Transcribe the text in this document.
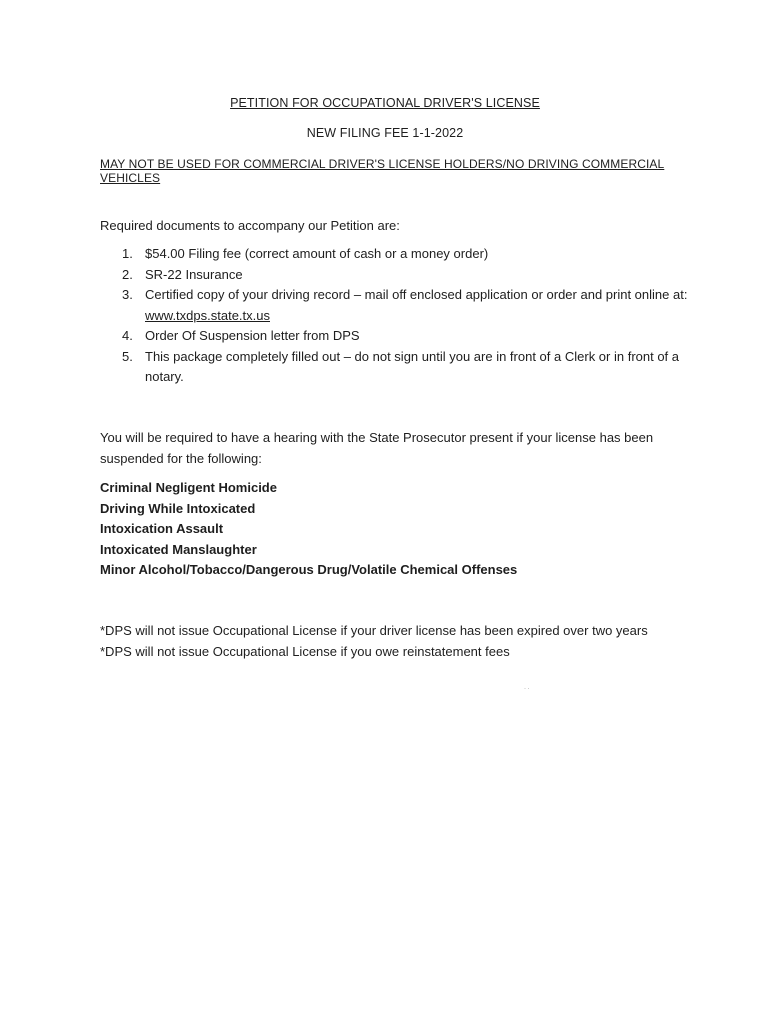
PETITION FOR OCCUPATIONAL DRIVER'S LICENSE
NEW FILING FEE 1-1-2022
MAY NOT BE USED FOR COMMERCIAL DRIVER'S LICENSE HOLDERS/NO DRIVING COMMERCIAL VEHICLES
Required documents to accompany our Petition are:
1. $54.00 Filing fee (correct amount of cash or a money order)
2. SR-22 Insurance
3. Certified copy of your driving record – mail off enclosed application or order and print online at: www.txdps.state.tx.us
4. Order Of Suspension letter from DPS
5. This package completely filled out – do not sign until you are in front of a Clerk or in front of a notary.
You will be required to have a hearing with the State Prosecutor present if your license has been suspended for the following:
Criminal Negligent Homicide
Driving While Intoxicated
Intoxication Assault
Intoxicated Manslaughter
Minor Alcohol/Tobacco/Dangerous Drug/Volatile Chemical Offenses
*DPS will not issue Occupational License if your driver license has been expired over two years
*DPS will not issue Occupational License if you owe reinstatement fees
· ·
